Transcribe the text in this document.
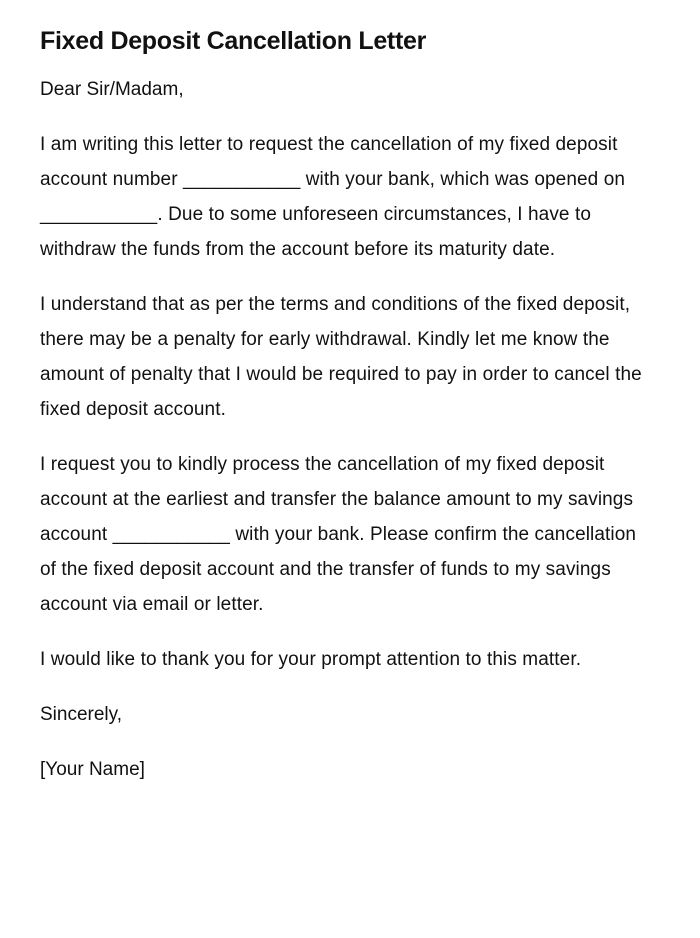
Fixed Deposit Cancellation Letter

Dear Sir/Madam,

I am writing this letter to request the cancellation of my fixed deposit account number ___________ with your bank, which was opened on ___________. Due to some unforeseen circumstances, I have to withdraw the funds from the account before its maturity date.

I understand that as per the terms and conditions of the fixed deposit, there may be a penalty for early withdrawal. Kindly let me know the amount of penalty that I would be required to pay in order to cancel the fixed deposit account.

I request you to kindly process the cancellation of my fixed deposit account at the earliest and transfer the balance amount to my savings account ___________ with your bank. Please confirm the cancellation of the fixed deposit account and the transfer of funds to my savings account via email or letter.

I would like to thank you for your prompt attention to this matter.

Sincerely,

[Your Name]
